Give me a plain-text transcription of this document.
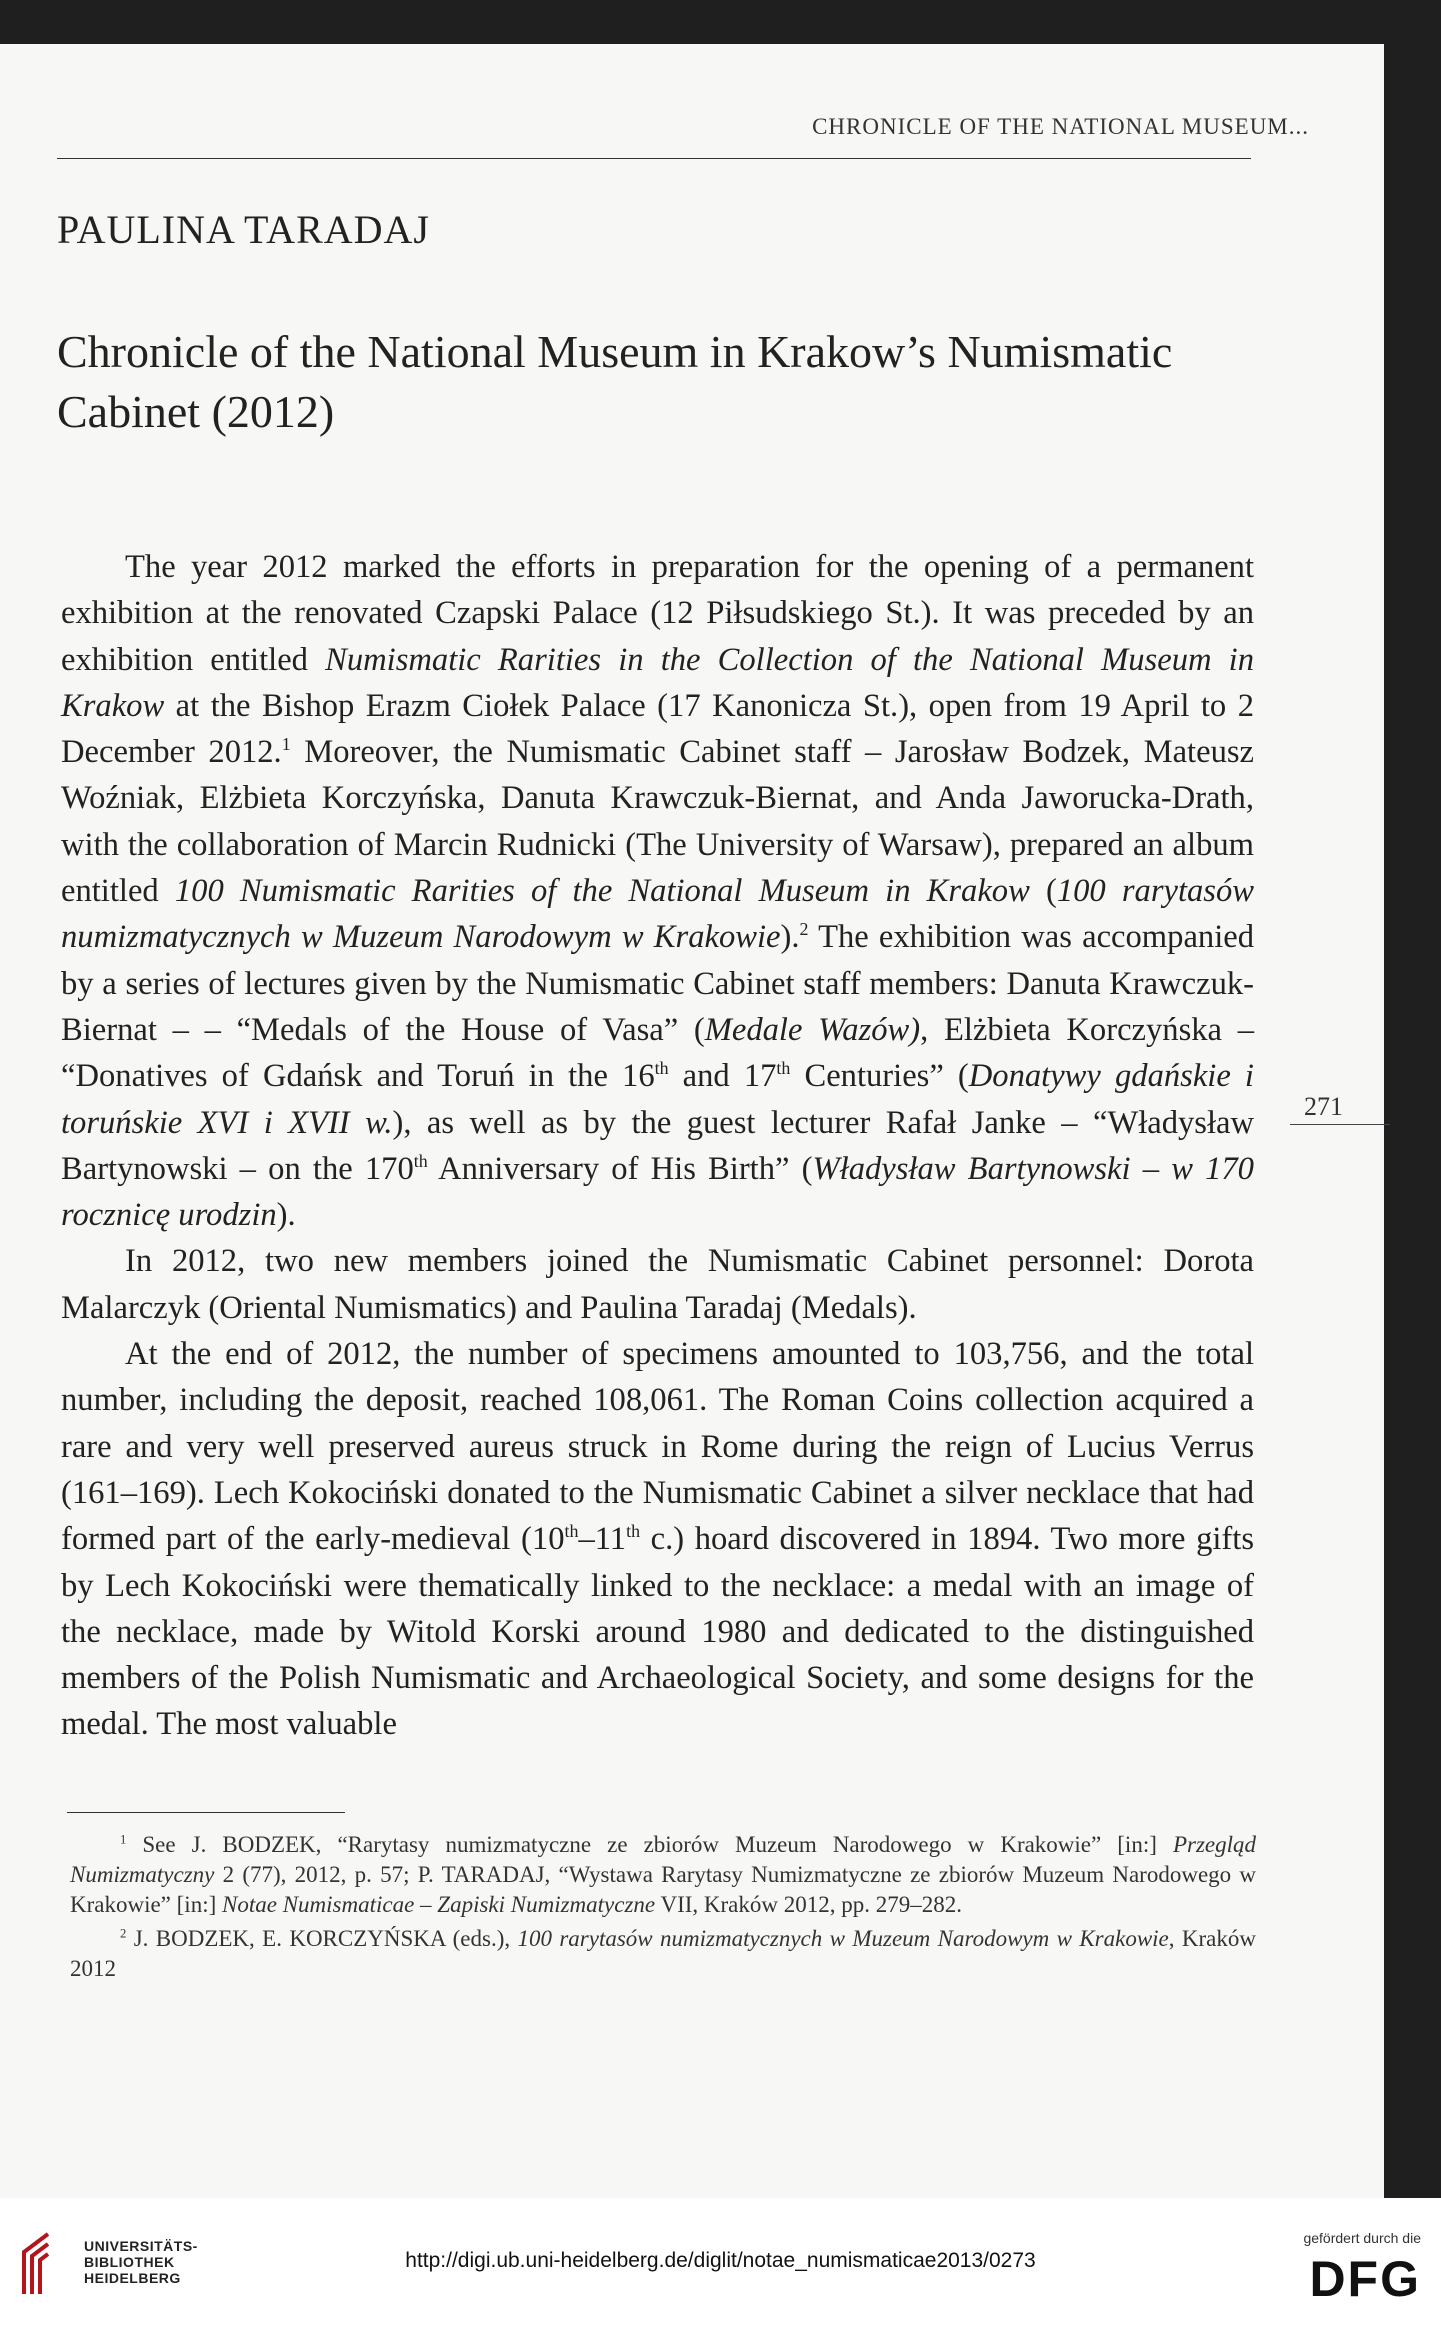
CHRONICLE OF THE NATIONAL MUSEUM...
PAULINA TARADAJ
Chronicle of the National Museum in Krakow’s Numismatic
Cabinet (2012)

The year 2012 marked the efforts in preparation for the opening of a permanent exhibition at the renovated Czapski Palace (12 Piłsudskiego St.). It was preceded by an exhibition entitled Numismatic Rarities in the Collection of the National Museum in Krakow at the Bishop Erazm Ciołek Palace (17 Kanonicza St.), open from 19 April to 2 December 2012.$^1$ Moreover, the Numismatic Cabinet staff – Jarosław Bodzek, Mateusz Woźniak, Elżbieta Korczyńska, Danuta Krawczuk-Biernat, and Anda Jaworucka-Drath, with the collaboration of Marcin Rudnicki (The University of Warsaw), prepared an album entitled 100 Numismatic Rarities of the National Museum in Krakow (100 rarytasów numizmatycznych w Muzeum Narodowym w Krakowie).$^2$ The exhibition was accompanied by a series of lectures given by the Numismatic Cabinet staff members: Danuta Krawczuk-Biernat – – “Medals of the House of Vasa” (Medale Wazów), Elżbieta Korczyńska – “Donatives of Gdańsk and Toruń in the 16th and 17th Centuries” (Donatywy gdańskie i toruńskie XVI i XVII w.), as well as by the guest lecturer Rafał Janke – “Władysław Bartynowski – on the 170th Anniversary of His Birth” (Władysław Bartynowski – w 170 rocznicę urodzin).

In 2012, two new members joined the Numismatic Cabinet personnel: Dorota Malarczyk (Oriental Numismatics) and Paulina Taradaj (Medals).

At the end of 2012, the number of specimens amounted to 103,756, and the total number, including the deposit, reached 108,061. The Roman Coins collection acquired a rare and very well preserved aureus struck in Rome during the reign of Lucius Verrus (161–169). Lech Kokociński donated to the Numismatic Cabinet a silver necklace that had formed part of the early-medieval (10th–11th c.) hoard discovered in 1894. Two more gifts by Lech Kokociński were thematically linked to the necklace: a medal with an image of the necklace, made by Witold Korski around 1980 and dedicated to the distinguished members of the Polish Numismatic and Archaeological Society, and some designs for the medal. The most valuable

271

$^1$ See J. BODZEK, “Rarytasy numizmatyczne ze zbiorów Muzeum Narodowego w Krakowie” [in:] Przegląd Numizmatyczny 2 (77), 2012, p. 57; P. TARADAJ, “Wystawa Rarytasy Numizmatyczne ze zbiorów Muzeum Narodowego w Krakowie” [in:] Notae Numismaticae – Zapiski Numizmatyczne VII, Kraków 2012, pp. 279–282.

$^2$ J. BODZEK, E. KORCZYŃSKA (eds.), 100 rarytasów numizmatycznych w Muzeum Narodowym w Krakowie, Kraków 2012

UNIVERSITÄTS-
BIBLIOTHEK
HEIDELBERG
http://digi.ub.uni-heidelberg.de/diglit/notae_numismaticae2013/0273
gefördert durch die
DFG
